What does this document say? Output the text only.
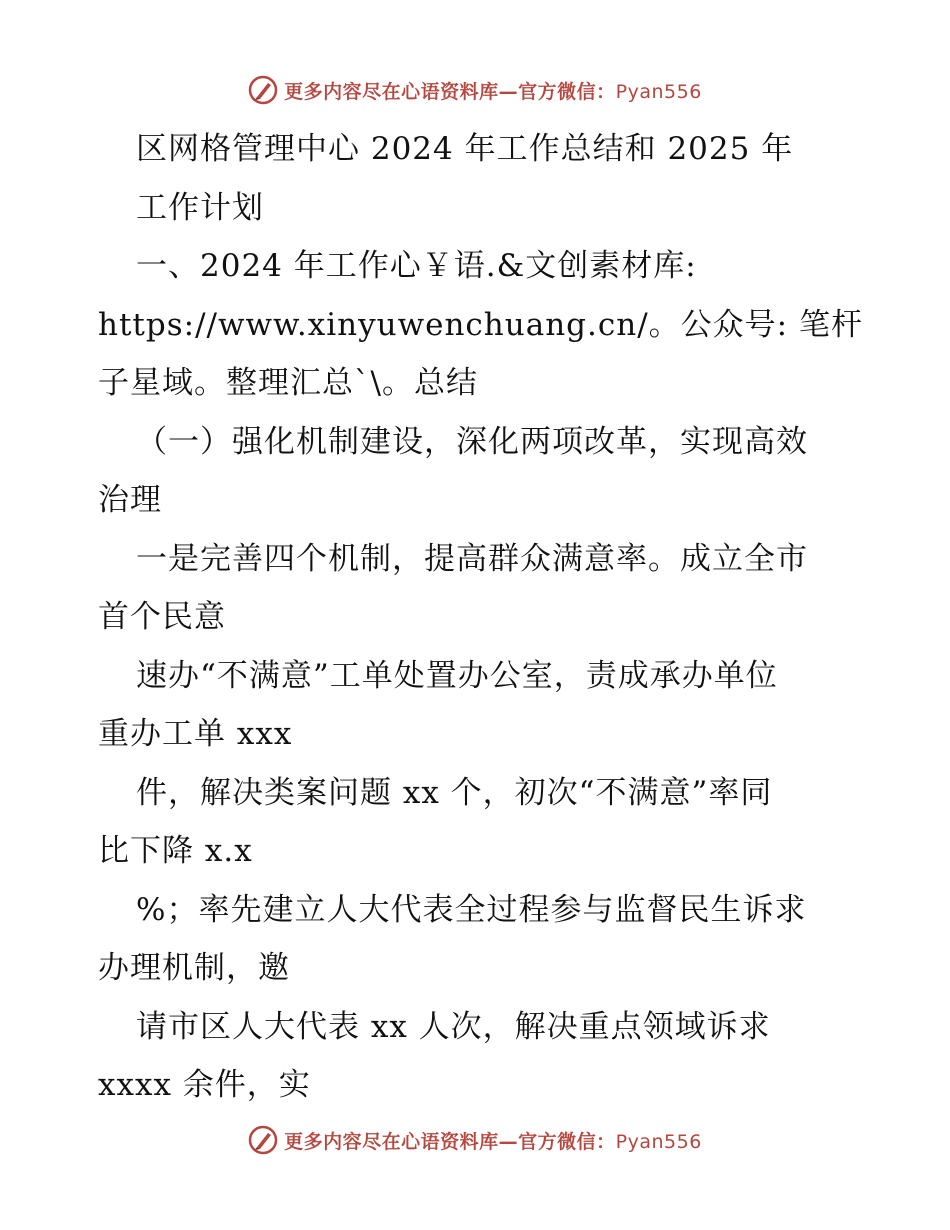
更多内容尽在心语资料库—官方微信：Pyan556
区网格管理中心 2024 年工作总结和 2025 年
工作计划
一、2024 年工作心￥语.&文创素材库:
https://www.xinyuwenchuang.cn/。公众号: 笔杆
子星域。整理汇总`\。总结
（一）强化机制建设，深化两项改革，实现高效
治理
一是完善四个机制，提高群众满意率。成立全市
首个民意
速办“不满意”工单处置办公室，责成承办单位
重办工单 xxx
件，解决类案问题 xx 个，初次“不满意”率同
比下降 x.x
%；率先建立人大代表全过程参与监督民生诉求
办理机制，邀
请市区人大代表 xx 人次，解决重点领域诉求
xxxx 余件，实
更多内容尽在心语资料库—官方微信：Pyan556
